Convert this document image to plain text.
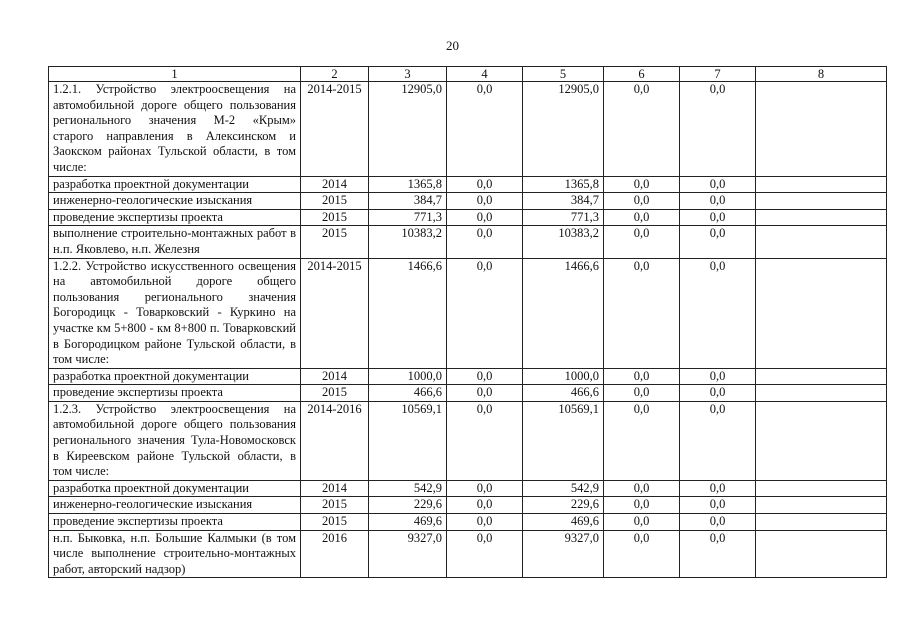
20
1	2	3	4	5	6	7	8
1.2.1. Устройство электроосвещения на автомобильной дороге общего пользования регионального значения М-2 «Крым» старого направления в Алексинском и Заокском районах Тульской области, в том числе:	2014-2015	12905,0	0,0	12905,0	0,0	0,0	
разработка проектной документации	2014	1365,8	0,0	1365,8	0,0	0,0	
инженерно-геологические изыскания	2015	384,7	0,0	384,7	0,0	0,0	
проведение экспертизы проекта	2015	771,3	0,0	771,3	0,0	0,0	
выполнение строительно-монтажных работ в н.п. Яковлево, н.п. Железня	2015	10383,2	0,0	10383,2	0,0	0,0	
1.2.2. Устройство искусственного освещения на автомобильной дороге общего пользования регионального значения Богородицк - Товарковский - Куркино на участке км 5+800 - км 8+800 п. Товарковский в Богородицком районе Тульской области, в том числе:	2014-2015	1466,6	0,0	1466,6	0,0	0,0	
разработка проектной документации	2014	1000,0	0,0	1000,0	0,0	0,0	
проведение экспертизы проекта	2015	466,6	0,0	466,6	0,0	0,0	
1.2.3. Устройство электроосвещения на автомобильной дороге общего пользования регионального значения Тула-Новомосковск в Киреевском районе Тульской области, в том числе:	2014-2016	10569,1	0,0	10569,1	0,0	0,0	
разработка проектной документации	2014	542,9	0,0	542,9	0,0	0,0	
инженерно-геологические изыскания	2015	229,6	0,0	229,6	0,0	0,0	
проведение экспертизы проекта	2015	469,6	0,0	469,6	0,0	0,0	
н.п. Быковка, н.п. Большие Калмыки (в том числе выполнение строительно-монтажных работ, авторский надзор)	2016	9327,0	0,0	9327,0	0,0	0,0	
